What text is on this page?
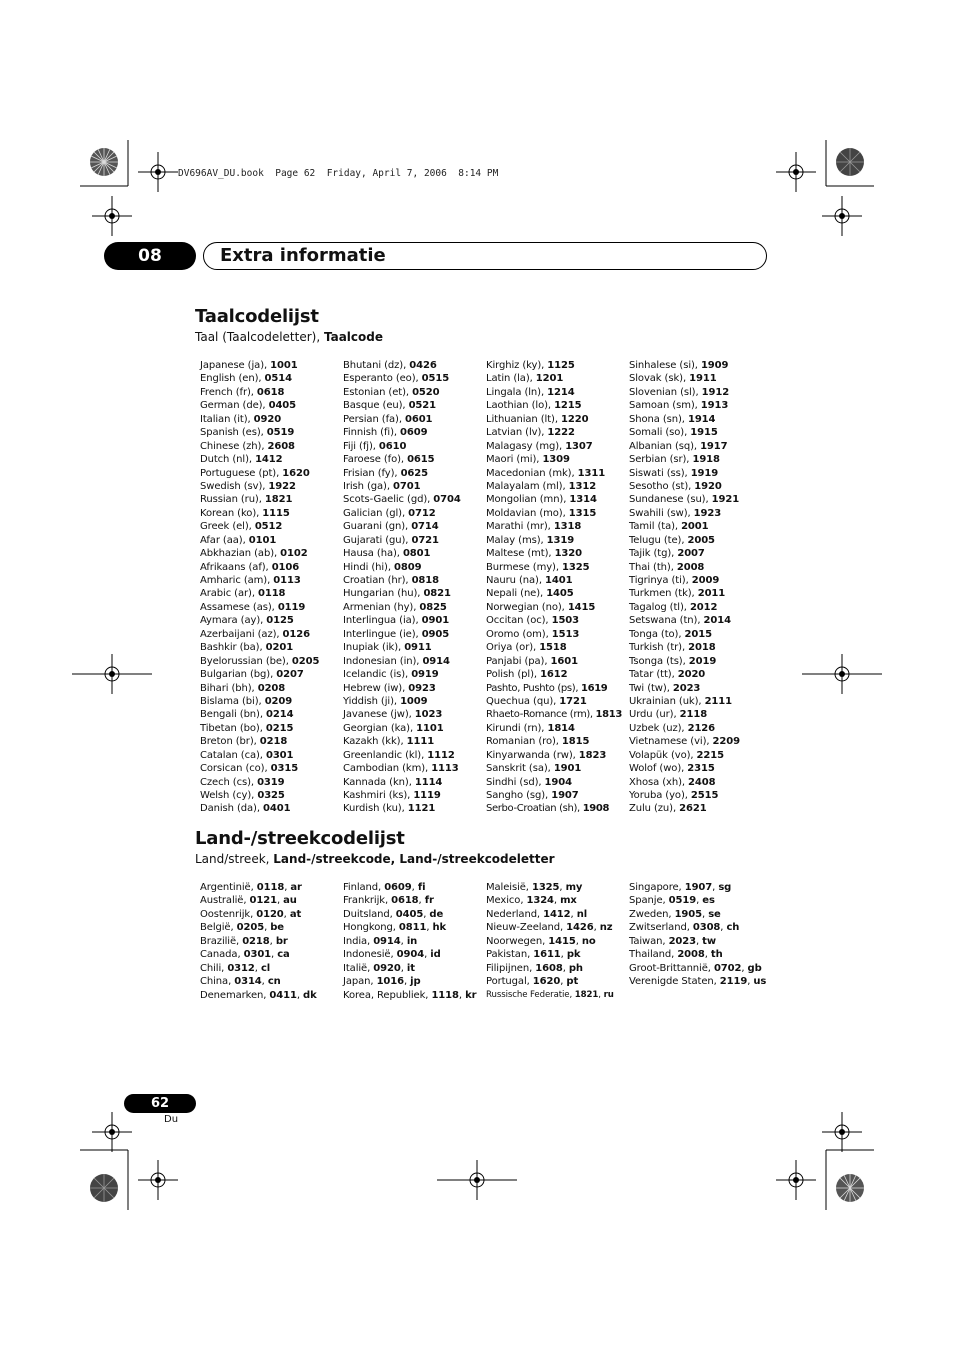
DV696AV_DU.book  Page 62  Friday, April 7, 2006  8:14 PM
08	Extra informatie
Taalcodelijst
Taal (Taalcodeletter), Taalcode
Japanese (ja), 1001
English (en), 0514
French (fr), 0618
German (de), 0405
Italian (it), 0920
Spanish (es), 0519
Chinese (zh), 2608
Dutch (nl), 1412
Portuguese (pt), 1620
Swedish (sv), 1922
Russian (ru), 1821
Korean (ko), 1115
Greek (el), 0512
Afar (aa), 0101
Abkhazian (ab), 0102
Afrikaans (af), 0106
Amharic (am), 0113
Arabic (ar), 0118
Assamese (as), 0119
Aymara (ay), 0125
Azerbaijani (az), 0126
Bashkir (ba), 0201
Byelorussian (be), 0205
Bulgarian (bg), 0207
Bihari (bh), 0208
Bislama (bi), 0209
Bengali (bn), 0214
Tibetan (bo), 0215
Breton (br), 0218
Catalan (ca), 0301
Corsican (co), 0315
Czech (cs), 0319
Welsh (cy), 0325
Danish (da), 0401
Bhutani (dz), 0426
Esperanto (eo), 0515
Estonian (et), 0520
Basque (eu), 0521
Persian (fa), 0601
Finnish (fi), 0609
Fiji (fj), 0610
Faroese (fo), 0615
Frisian (fy), 0625
Irish (ga), 0701
Scots-Gaelic (gd), 0704
Galician (gl), 0712
Guarani (gn), 0714
Gujarati (gu), 0721
Hausa (ha), 0801
Hindi (hi), 0809
Croatian (hr), 0818
Hungarian (hu), 0821
Armenian (hy), 0825
Interlingua (ia), 0901
Interlingue (ie), 0905
Inupiak (ik), 0911
Indonesian (in), 0914
Icelandic (is), 0919
Hebrew (iw), 0923
Yiddish (ji), 1009
Javanese (jw), 1023
Georgian (ka), 1101
Kazakh (kk), 1111
Greenlandic (kl), 1112
Cambodian (km), 1113
Kannada (kn), 1114
Kashmiri (ks), 1119
Kurdish (ku), 1121
Kirghiz (ky), 1125
Latin (la), 1201
Lingala (ln), 1214
Laothian (lo), 1215
Lithuanian (lt), 1220
Latvian (lv), 1222
Malagasy (mg), 1307
Maori (mi), 1309
Macedonian (mk), 1311
Malayalam (ml), 1312
Mongolian (mn), 1314
Moldavian (mo), 1315
Marathi (mr), 1318
Malay (ms), 1319
Maltese (mt), 1320
Burmese (my), 1325
Nauru (na), 1401
Nepali (ne), 1405
Norwegian (no), 1415
Occitan (oc), 1503
Oromo (om), 1513
Oriya (or), 1518
Panjabi (pa), 1601
Polish (pl), 1612
Pashto, Pushto (ps), 1619
Quechua (qu), 1721
Rhaeto-Romance (rm), 1813
Kirundi (rn), 1814
Romanian (ro), 1815
Kinyarwanda (rw), 1823
Sanskrit (sa), 1901
Sindhi (sd), 1904
Sangho (sg), 1907
Serbo-Croatian (sh), 1908
Sinhalese (si), 1909
Slovak (sk), 1911
Slovenian (sl), 1912
Samoan (sm), 1913
Shona (sn), 1914
Somali (so), 1915
Albanian (sq), 1917
Serbian (sr), 1918
Siswati (ss), 1919
Sesotho (st), 1920
Sundanese (su), 1921
Swahili (sw), 1923
Tamil (ta), 2001
Telugu (te), 2005
Tajik (tg), 2007
Thai (th), 2008
Tigrinya (ti), 2009
Turkmen (tk), 2011
Tagalog (tl), 2012
Setswana (tn), 2014
Tonga (to), 2015
Turkish (tr), 2018
Tsonga (ts), 2019
Tatar (tt), 2020
Twi (tw), 2023
Ukrainian (uk), 2111
Urdu (ur), 2118
Uzbek (uz), 2126
Vietnamese (vi), 2209
Volapük (vo), 2215
Wolof (wo), 2315
Xhosa (xh), 2408
Yoruba (yo), 2515
Zulu (zu), 2621
Land-/streekcodelijst
Land/streek, Land-/streekcode, Land-/streekcodeletter
Argentinië, 0118, ar
Australië, 0121, au
Oostenrijk, 0120, at
België, 0205, be
Brazilië, 0218, br
Canada, 0301, ca
Chili, 0312, cl
China, 0314, cn
Denemarken, 0411, dk
Finland, 0609, fi
Frankrijk, 0618, fr
Duitsland, 0405, de
Hongkong, 0811, hk
India, 0914, in
Indonesië, 0904, id
Italië, 0920, it
Japan, 1016, jp
Korea, Republiek, 1118, kr
Maleisië, 1325, my
Mexico, 1324, mx
Nederland, 1412, nl
Nieuw-Zeeland, 1426, nz
Noorwegen, 1415, no
Pakistan, 1611, pk
Filipijnen, 1608, ph
Portugal, 1620, pt
Russische Federatie, 1821, ru
Singapore, 1907, sg
Spanje, 0519, es
Zweden, 1905, se
Zwitserland, 0308, ch
Taiwan, 2023, tw
Thailand, 2008, th
Groot-Brittannië, 0702, gb
Verenigde Staten, 2119, us
62
Du
